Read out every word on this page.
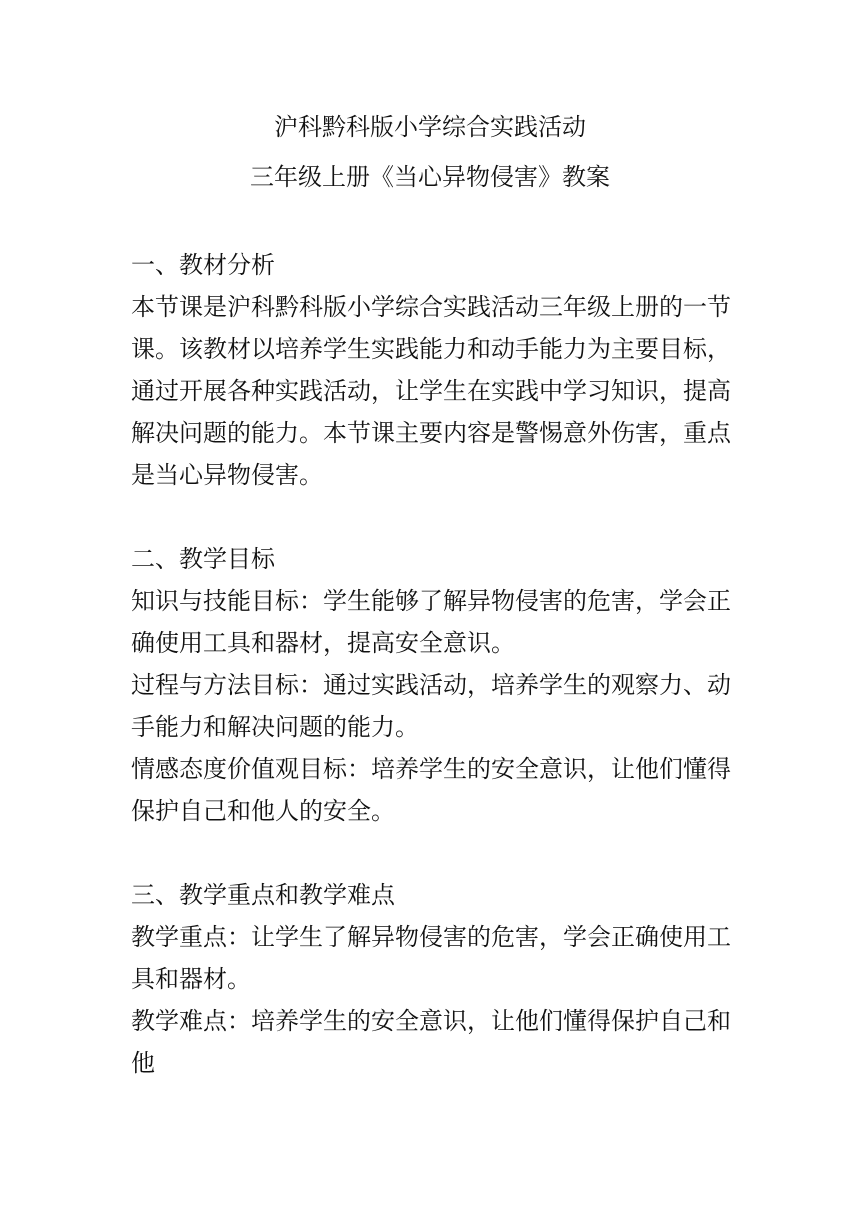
沪科黔科版小学综合实践活动

三年级上册《当心异物侵害》教案

一、教材分析

本节课是沪科黔科版小学综合实践活动三年级上册的一节课。该教材以培养学生实践能力和动手能力为主要目标，通过开展各种实践活动，让学生在实践中学习知识，提高解决问题的能力。本节课主要内容是警惕意外伤害，重点是当心异物侵害。

二、教学目标

知识与技能目标：学生能够了解异物侵害的危害，学会正确使用工具和器材，提高安全意识。

过程与方法目标：通过实践活动，培养学生的观察力、动手能力和解决问题的能力。

情感态度价值观目标：培养学生的安全意识，让他们懂得保护自己和他人的安全。

三、教学重点和教学难点

教学重点：让学生了解异物侵害的危害，学会正确使用工具和器材。

教学难点：培养学生的安全意识，让他们懂得保护自己和他
